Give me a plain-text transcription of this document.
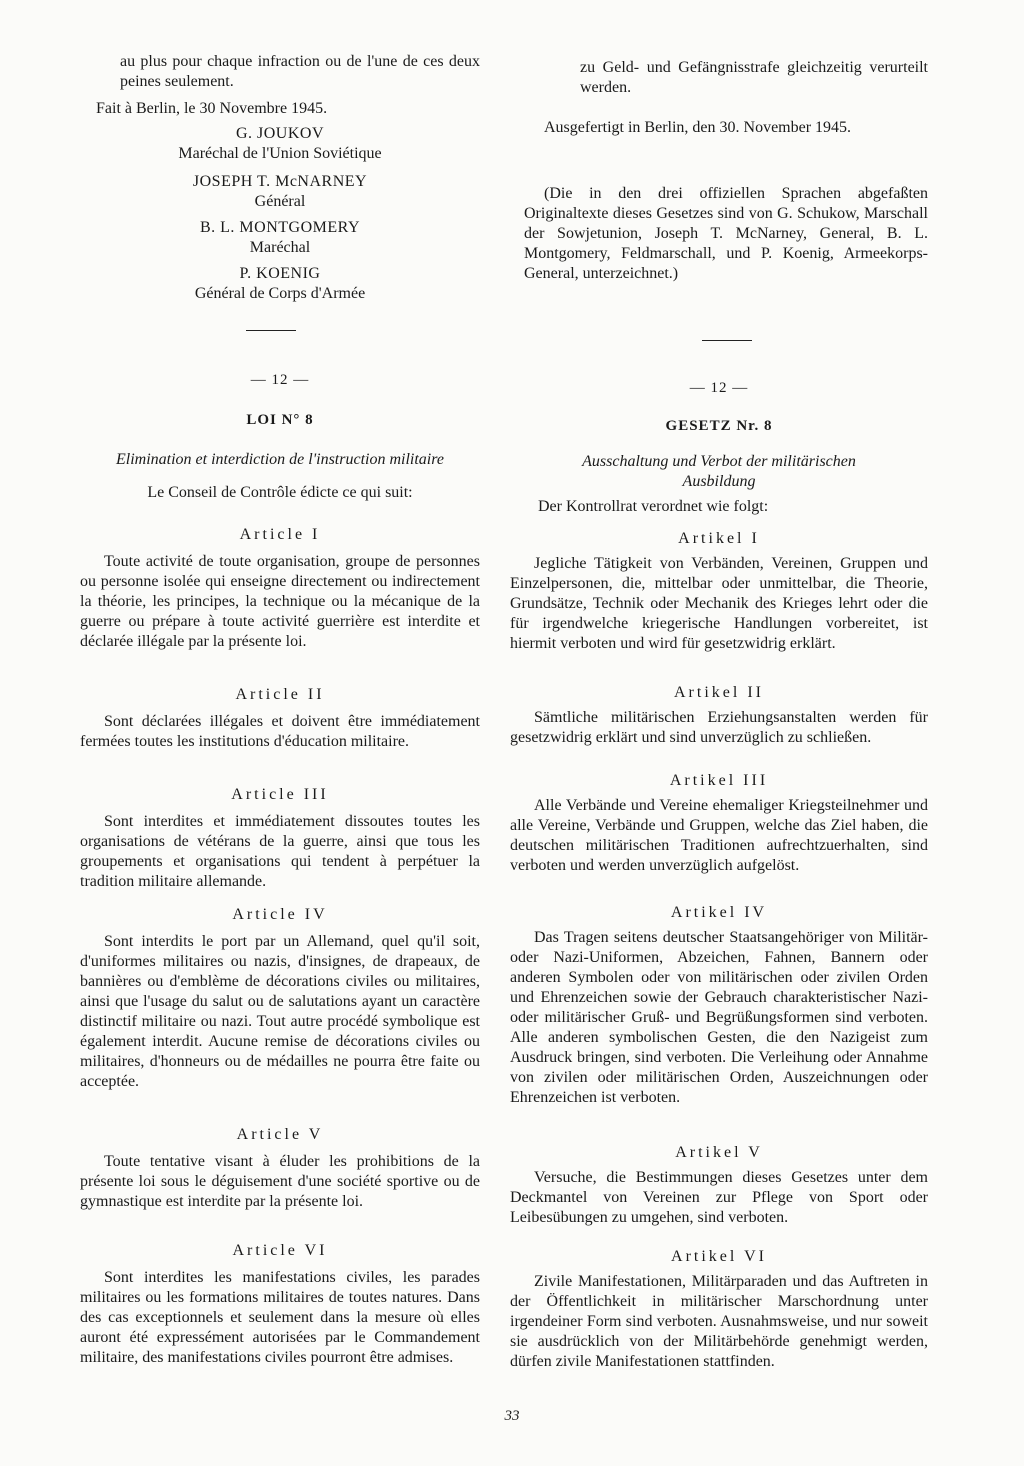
au plus pour chaque infraction ou de l'une de ces deux peines seulement.

Fait à Berlin, le 30 Novembre 1945.

G. JOUKOV
Maréchal de l'Union Soviétique
JOSEPH T. McNARNEY
Général
B. L. MONTGOMERY
Maréchal
P. KOENIG
Général de Corps d'Armée
— 12 —
LOI N° 8
Elimination et interdiction de l'instruction militaire
Le Conseil de Contrôle édicte ce qui suit:
Article I

Toute activité de toute organisation, groupe de personnes ou personne isolée qui enseigne directement ou indirectement la théorie, les principes, la technique ou la mécanique de la guerre ou prépare à toute activité guerrière est interdite et déclarée illégale par la présente loi.

Article II

Sont déclarées illégales et doivent être immédiatement fermées toutes les institutions d'éducation militaire.

Article III

Sont interdites et immédiatement dissoutes toutes les organisations de vétérans de la guerre, ainsi que tous les groupements et organisations qui tendent à perpétuer la tradition militaire allemande.

Article IV

Sont interdits le port par un Allemand, quel qu'il soit, d'uniformes militaires ou nazis, d'insignes, de drapeaux, de bannières ou d'emblème de décorations civiles ou militaires, ainsi que l'usage du salut ou de salutations ayant un caractère distinctif militaire ou nazi. Tout autre procédé symbolique est également interdit. Aucune remise de décorations civiles ou militaires, d'honneurs ou de médailles ne pourra être faite ou acceptée.

Article V

Toute tentative visant à éluder les prohibitions de la présente loi sous le déguisement d'une société sportive ou de gymnastique est interdite par la présente loi.

Article VI

Sont interdites les manifestations civiles, les parades militaires ou les formations militaires de toutes natures. Dans des cas exceptionnels et seulement dans la mesure où elles auront été expressément autorisées par le Commandement militaire, des manifestations civiles pourront être admises.

zu Geld- und Gefängnisstrafe gleichzeitig verurteilt werden.

Ausgefertigt in Berlin, den 30. November 1945.

(Die in den drei offiziellen Sprachen abgefaßten Originaltexte dieses Gesetzes sind von G. Schukow, Marschall der Sowjetunion, Joseph T. McNarney, General, B. L. Montgomery, Feldmarschall, und P. Koenig, Armeekorps-General, unterzeichnet.)

— 12 —
GESETZ Nr. 8
Ausschaltung und Verbot der militärischen Ausbildung
Der Kontrollrat verordnet wie folgt:
Artikel I

Jegliche Tätigkeit von Verbänden, Vereinen, Gruppen und Einzelpersonen, die, mittelbar oder unmittelbar, die Theorie, Grundsätze, Technik oder Mechanik des Krieges lehrt oder die für irgendwelche kriegerische Handlungen vorbereitet, ist hiermit verboten und wird für gesetzwidrig erklärt.

Artikel II

Sämtliche militärischen Erziehungsanstalten werden für gesetzwidrig erklärt und sind unverzüglich zu schließen.

Artikel III

Alle Verbände und Vereine ehemaliger Kriegsteilnehmer und alle Vereine, Verbände und Gruppen, welche das Ziel haben, die deutschen militärischen Traditionen aufrechtzuerhalten, sind verboten und werden unverzüglich aufgelöst.

Artikel IV

Das Tragen seitens deutscher Staatsangehöriger von Militär- oder Nazi-Uniformen, Abzeichen, Fahnen, Bannern oder anderen Symbolen oder von militärischen oder zivilen Orden und Ehrenzeichen sowie der Gebrauch charakteristischer Nazi- oder militärischer Gruß- und Begrüßungsformen sind verboten. Alle anderen symbolischen Gesten, die den Nazigeist zum Ausdruck bringen, sind verboten. Die Verleihung oder Annahme von zivilen oder militärischen Orden, Auszeichnungen oder Ehrenzeichen ist verboten.

Artikel V

Versuche, die Bestimmungen dieses Gesetzes unter dem Deckmantel von Vereinen zur Pflege von Sport oder Leibesübungen zu umgehen, sind verboten.

Artikel VI

Zivile Manifestationen, Militärparaden und das Auftreten in der Öffentlichkeit in militärischer Marschordnung unter irgendeiner Form sind verboten. Ausnahmsweise, und nur soweit sie ausdrücklich von der Militärbehörde genehmigt werden, dürfen zivile Manifestationen stattfinden.

33
